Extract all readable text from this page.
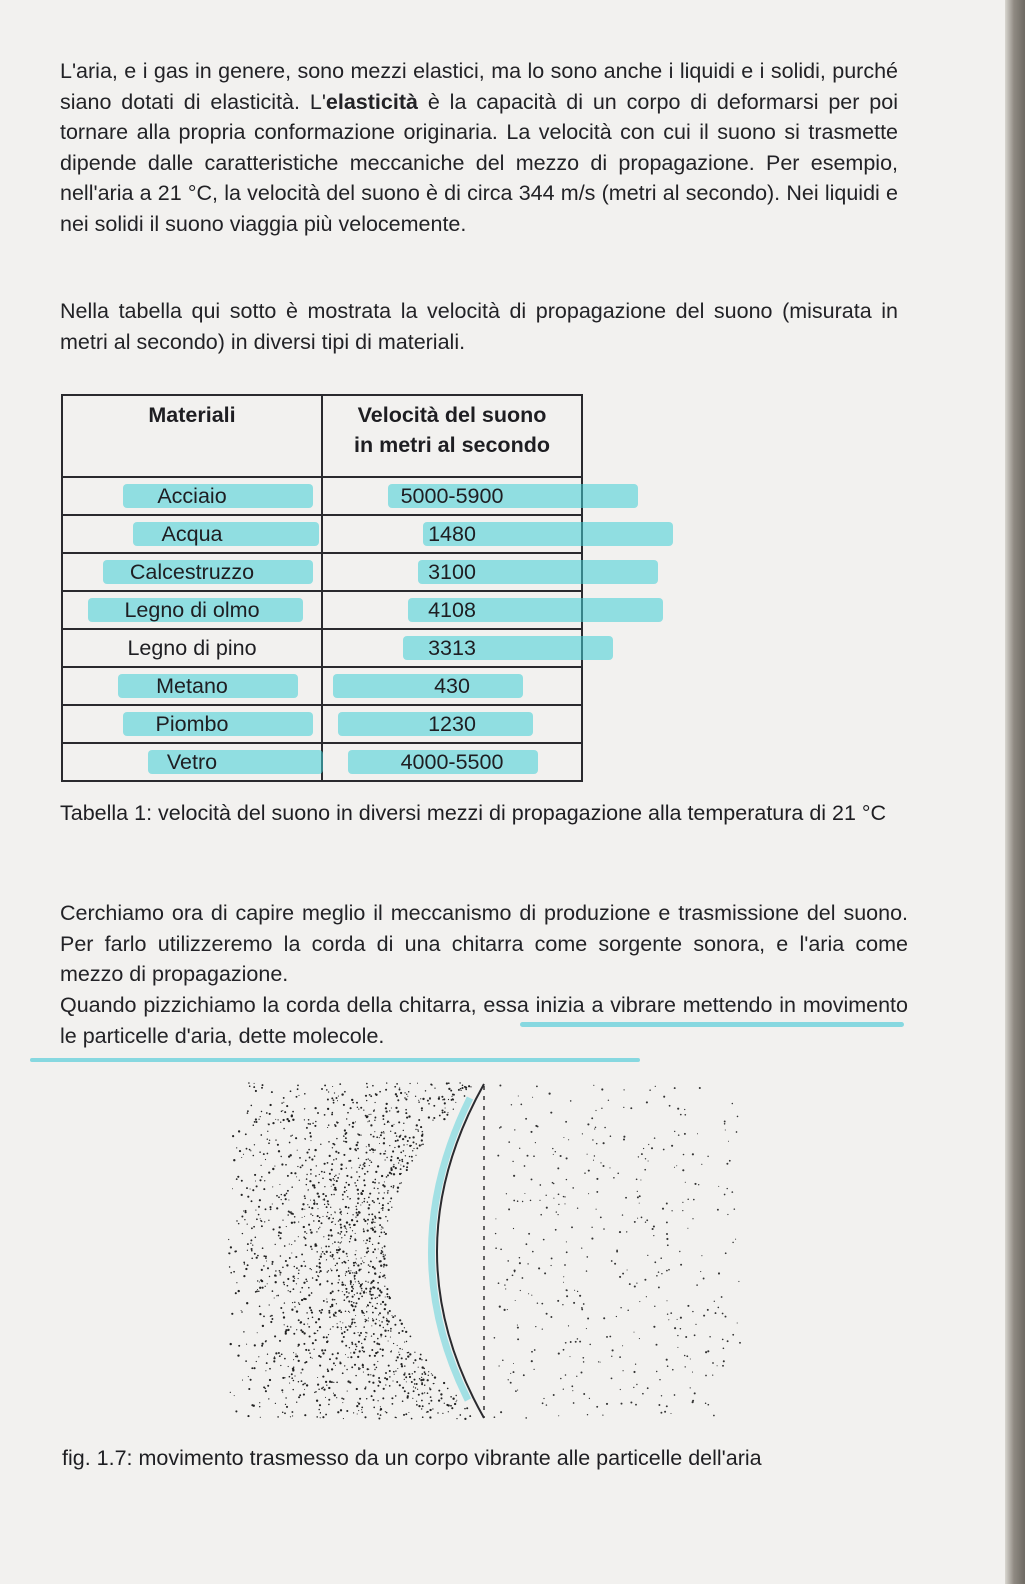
L'aria, e i gas in genere, sono mezzi elastici, ma lo sono anche i liquidi e i solidi, purché siano dotati di elasticità. L'elasticità è la capacità di un corpo di deformarsi per poi tornare alla propria conformazione originaria. La velocità con cui il suono si trasmette dipende dalle caratteristiche meccaniche del mezzo di propagazione. Per esempio, nell'aria a 21 °C, la velocità del suono è di circa 344 m/s (metri al secondo). Nei liquidi e nei solidi il suono viaggia più velocemente.

Nella tabella qui sotto è mostrata la velocità di propagazione del suono (misurata in metri al secondo) in diversi tipi di materiali.

Materiali	Velocità del suono
in metri al secondo

Acciaio	5000-5900

Acqua	1480

Calcestruzzo	3100

Legno di olmo	4108
Legno di pino	3313

Metano	430

Piombo	1230

Vetro	4000-5500

Tabella 1: velocità del suono in diversi mezzi di propagazione alla temperatura di 21 °C

Cerchiamo ora di capire meglio il meccanismo di produzione e trasmissione del suono. Per farlo utilizzeremo la corda di una chitarra come sorgente sonora, e l'aria come mezzo di propagazione.

Quando pizzichiamo la corda della chitarra, essa inizia a vibrare mettendo in movimento le particelle d'aria, dette molecole.

fig. 1.7: movimento trasmesso da un corpo vibrante alle particelle dell'aria
